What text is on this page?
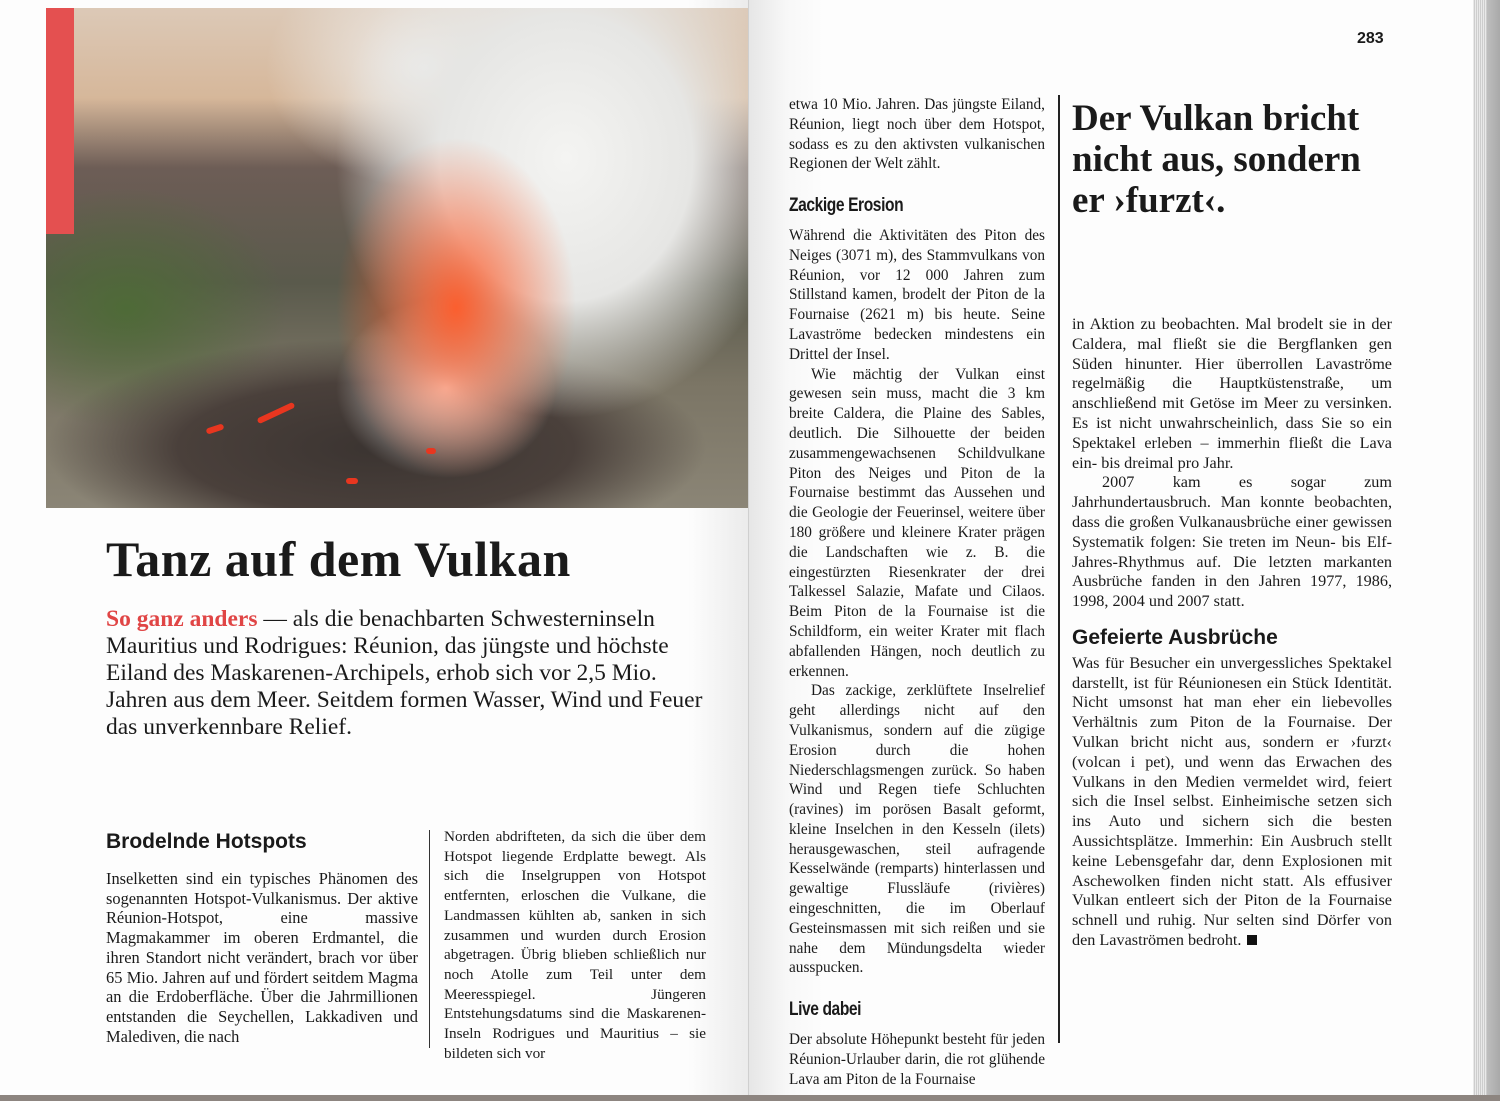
Tanz auf dem Vulkan
So ganz anders — als die benachbarten Schwesterninseln Mauritius und Rodrigues: Réunion, das jüngste und höchste Eiland des Maskarenen-Archipels, erhob sich vor 2,5 Mio. Jahren aus dem Meer. Seitdem formen Wasser, Wind und Feuer das unverkennbare Relief.
Brodelnde Hotspots
Inselketten sind ein typisches Phänomen des sogenannten Hotspot-Vulkanismus. Der aktive Réunion-Hotspot, eine massive Magmakammer im oberen Erdmantel, die ihren Standort nicht verändert, brach vor über 65 Mio. Jahren auf und fördert seitdem Magma an die Erdoberfläche. Über die Jahrmillionen entstanden die Seychellen, Lakkadiven und Malediven, die nach
Norden abdrifteten, da sich die über dem Hotspot liegende Erdplatte bewegt. Als sich die Inselgruppen von Hotspot entfernten, erloschen die Vulkane, die Landmassen kühlten ab, sanken in sich zusammen und wurden durch Erosion abgetragen. Übrig blieben schließlich nur noch Atolle zum Teil unter dem Meeresspiegel. Jüngeren Entstehungsdatums sind die Maskarenen-Inseln Rodrigues und Mauritius – sie bildeten sich vor
283

etwa 10 Mio. Jahren. Das jüngste Eiland, Réunion, liegt noch über dem Hotspot, sodass es zu den aktivsten vulkanischen Regionen der Welt zählt.

Zackige Erosion

Während die Aktivitäten des Piton des Neiges (3071 m), des Stammvulkans von Réunion, vor 12 000 Jahren zum Stillstand kamen, brodelt der Piton de la Fournaise (2621 m) bis heute. Seine Lavaströme bedecken mindestens ein Drittel der Insel.

Wie mächtig der Vulkan einst gewesen sein muss, macht die 3 km breite Caldera, die Plaine des Sables, deutlich. Die Silhouette der beiden zusammengewachsenen Schildvulkane Piton des Neiges und Piton de la Fournaise bestimmt das Aussehen und die Geologie der Feuerinsel, weitere über 180 größere und kleinere Krater prägen die Landschaften wie z. B. die eingestürzten Riesenkrater der drei Talkessel Salazie, Mafate und Cilaos. Beim Piton de la Fournaise ist die Schildform, ein weiter Krater mit flach abfallenden Hängen, noch deutlich zu erkennen.

Das zackige, zerklüftete Inselrelief geht allerdings nicht auf den Vulkanismus, sondern auf die zügige Erosion durch die hohen Niederschlagsmengen zurück. So haben Wind und Regen tiefe Schluchten (ravines) im porösen Basalt geformt, kleine Inselchen in den Kesseln (ilets) herausgewaschen, steil aufragende Kesselwände (remparts) hinterlassen und gewaltige Flussläufe (rivières) eingeschnitten, die im Oberlauf Gesteinsmassen mit sich reißen und sie nahe dem Mündungsdelta wieder ausspucken.

Live dabei

Der absolute Höhepunkt besteht für jeden Réunion-Urlauber darin, die rot glühende Lava am Piton de la Fournaise

Der Vulkan bricht nicht aus, sondern er ›furzt‹.

in Aktion zu beobachten. Mal brodelt sie in der Caldera, mal fließt sie die Bergflanken gen Süden hinunter. Hier überrollen Lavaströme regelmäßig die Hauptküstenstraße, um anschließend mit Getöse im Meer zu versinken. Es ist nicht unwahrscheinlich, dass Sie so ein Spektakel erleben – immerhin fließt die Lava ein- bis dreimal pro Jahr.

2007 kam es sogar zum Jahrhundertausbruch. Man konnte beobachten, dass die großen Vulkanausbrüche einer gewissen Systematik folgen: Sie treten im Neun- bis Elf-Jahres-Rhythmus auf. Die letzten markanten Ausbrüche fanden in den Jahren 1977, 1986, 1998, 2004 und 2007 statt.

Gefeierte Ausbrüche

Was für Besucher ein unvergessliches Spektakel darstellt, ist für Réunionesen ein Stück Identität. Nicht umsonst hat man eher ein liebevolles Verhältnis zum Piton de la Fournaise. Der Vulkan bricht nicht aus, sondern er ›furzt‹ (volcan i pet), und wenn das Erwachen des Vulkans in den Medien vermeldet wird, feiert sich die Insel selbst. Einheimische setzen sich ins Auto und sichern sich die besten Aussichtsplätze. Immerhin: Ein Ausbruch stellt keine Lebensgefahr dar, denn Explosionen mit Aschewolken finden nicht statt. Als effusiver Vulkan entleert sich der Piton de la Fournaise schnell und ruhig. Nur selten sind Dörfer von den Lavaströmen bedroht.
